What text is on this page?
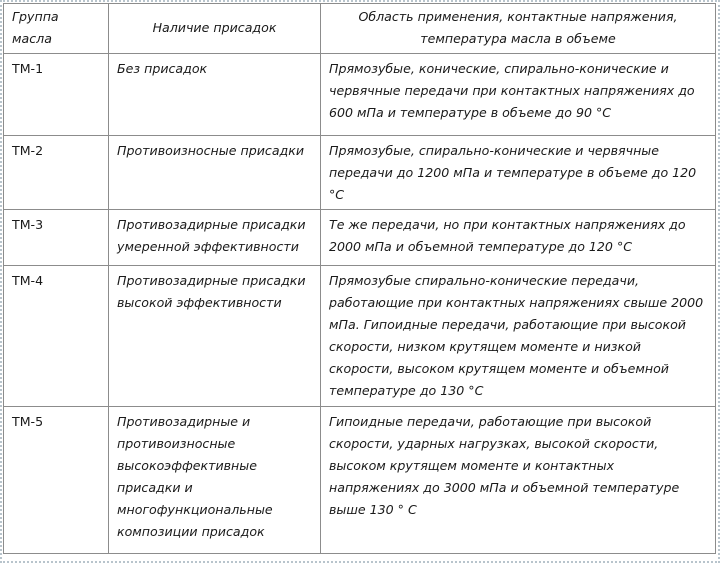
Группа масла	Наличие присадок	Область применения, контактные напряжения, температура масла в объеме
ТМ-1	Без присадок	Прямозубые, конические, спирально-конические и червячные передачи при контактных напряжениях до 600 мПа и температуре в объеме до 90 °С
ТМ-2	Противоизносные присадки	Прямозубые, спирально-конические и червячные передачи до 1200 мПа и температуре в объеме до 120 °С
ТМ-3	Противозадирные присадки умеренной эффективности	Те же передачи, но при контактных напряжениях до 2000 мПа и объемной температуре до 120 °С
ТМ-4	Противозадирные присадки высокой эффективности	Прямозубые спирально-конические передачи, работающие при контактных напряжениях свыше 2000 мПа. Гипоидные передачи, работающие при высокой скорости, низком крутящем моменте и низкой скорости, высоком крутящем моменте и объемной температуре до 130 °С
ТМ-5	Противозадирные и противоизносные высокоэффективные присадки и многофункциональные композиции присадок	Гипоидные передачи, работающие при высокой скорости, ударных нагрузках, высокой скорости, высоком крутящем моменте и контактных напряжениях до 3000 мПа и объемной температуре выше 130 ° С
